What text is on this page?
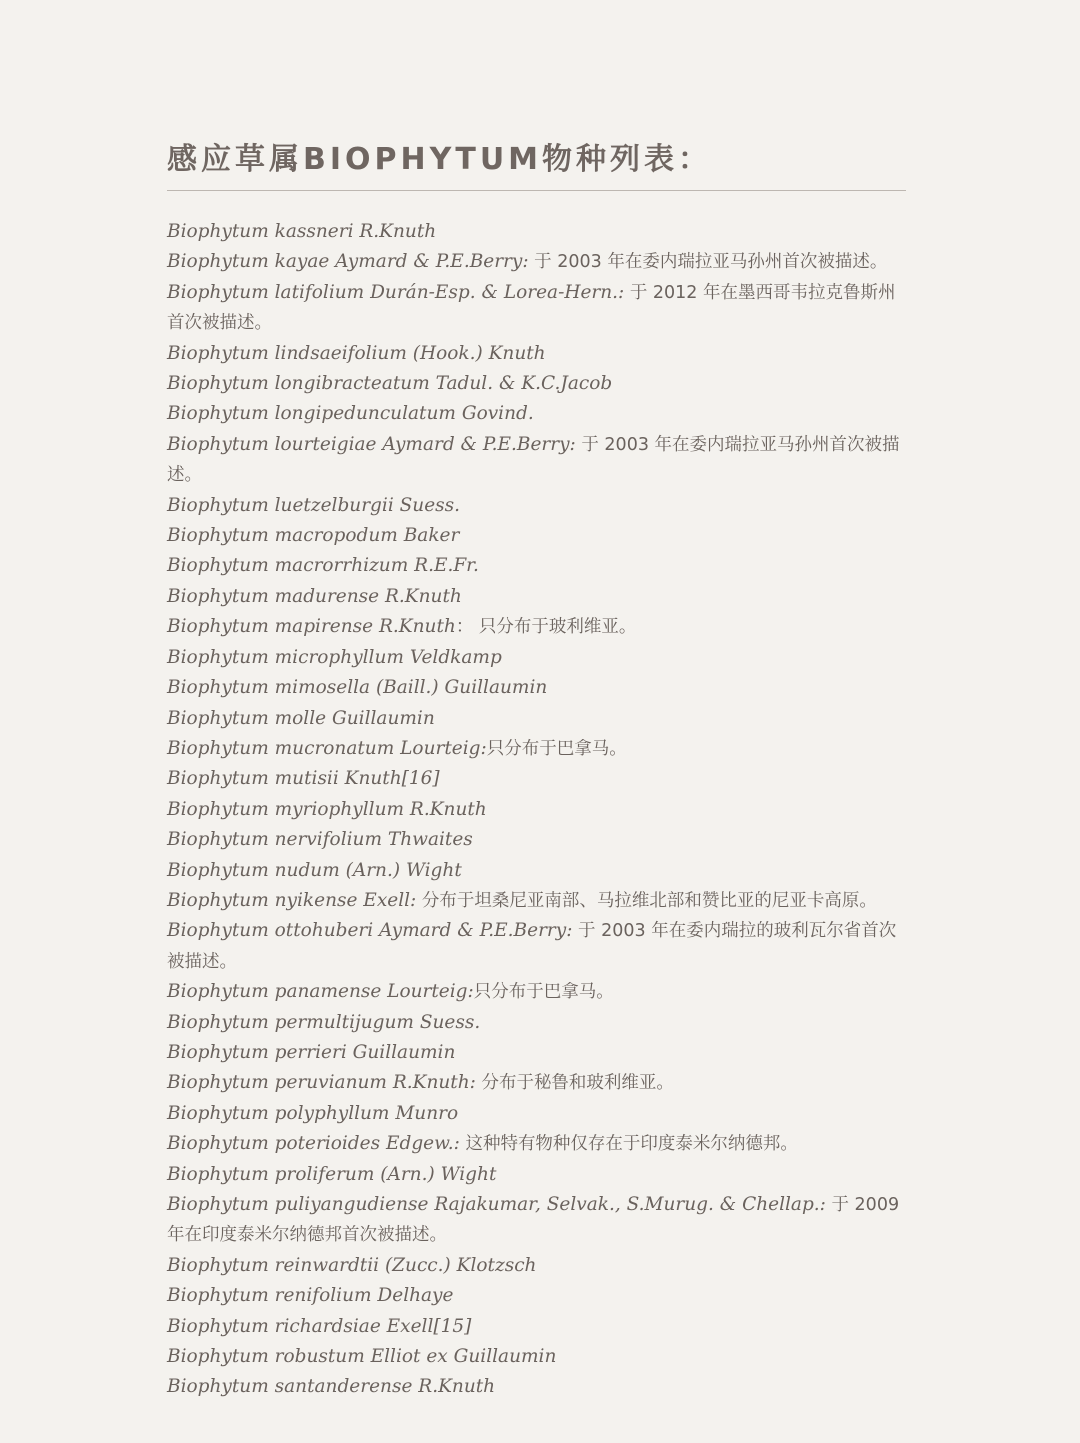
感应草属BIOPHYTUM物种列表：
Biophytum kassneri R.Knuth
Biophytum kayae Aymard & P.E.Berry: 于 2003 年在委内瑞拉亚马孙州首次被描述。
Biophytum latifolium Durán-Esp. & Lorea-Hern.: 于 2012 年在墨西哥韦拉克鲁斯州首次被描述。
Biophytum lindsaeifolium (Hook.) Knuth
Biophytum longibracteatum Tadul. & K.C.Jacob
Biophytum longipedunculatum Govind.
Biophytum lourteigiae Aymard & P.E.Berry: 于 2003 年在委内瑞拉亚马孙州首次被描述。
Biophytum luetzelburgii Suess.
Biophytum macropodum Baker
Biophytum macrorrhizum R.E.Fr.
Biophytum madurense R.Knuth
Biophytum mapirense R.Knuth： 只分布于玻利维亚。
Biophytum microphyllum Veldkamp
Biophytum mimosella (Baill.) Guillaumin
Biophytum molle Guillaumin
Biophytum mucronatum Lourteig:只分布于巴拿马。
Biophytum mutisii Knuth[16]
Biophytum myriophyllum R.Knuth
Biophytum nervifolium Thwaites
Biophytum nudum (Arn.) Wight
Biophytum nyikense Exell: 分布于坦桑尼亚南部、马拉维北部和赞比亚的尼亚卡高原。
Biophytum ottohuberi Aymard & P.E.Berry: 于 2003 年在委内瑞拉的玻利瓦尔省首次被描述。
Biophytum panamense Lourteig:只分布于巴拿马。
Biophytum permultijugum Suess.
Biophytum perrieri Guillaumin
Biophytum peruvianum R.Knuth: 分布于秘鲁和玻利维亚。
Biophytum polyphyllum Munro
Biophytum poterioides Edgew.: 这种特有物种仅存在于印度泰米尔纳德邦。
Biophytum proliferum (Arn.) Wight
Biophytum puliyangudiense Rajakumar, Selvak., S.Murug. & Chellap.: 于 2009 年在印度泰米尔纳德邦首次被描述。
Biophytum reinwardtii (Zucc.) Klotzsch
Biophytum renifolium Delhaye
Biophytum richardsiae Exell[15]
Biophytum robustum Elliot ex Guillaumin
Biophytum santanderense R.Knuth
